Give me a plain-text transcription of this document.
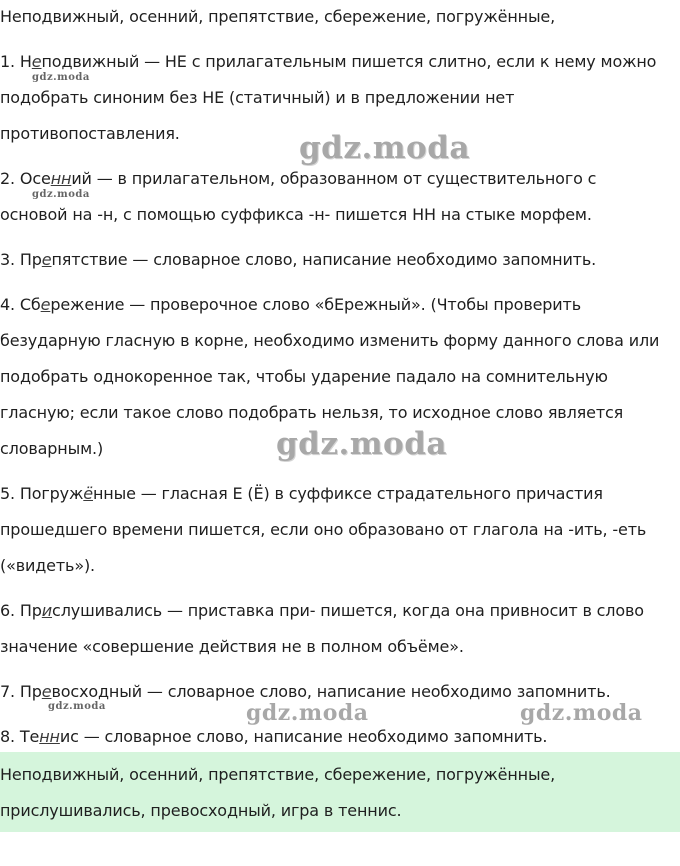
Неподвижный, осенний, препятствие, сбережение, погружённые,
1. Неподвижный — НЕ с прилагательным пишется слитно, если к нему можно
подобрать синоним без НЕ (статичный) и в предложении нет
противопоставления.
2. Осенний — в прилагательном, образованном от существительного с
основой на -н, с помощью суффикса -н- пишется НН на стыке морфем.
3. Препятствие — словарное слово, написание необходимо запомнить.
4. Сбережение — проверочное слово «бЕрежный». (Чтобы проверить
безударную гласную в корне, необходимо изменить форму данного слова или
подобрать однокоренное так, чтобы ударение падало на сомнительную
гласную; если такое слово подобрать нельзя, то исходное слово является
словарным.)
5. Погружённые — гласная Е (Ё) в суффиксе страдательного причастия
прошедшего времени пишется, если оно образовано от глагола на -ить, -еть
(«видеть»).
6. Прислушивались — приставка при- пишется, когда она привносит в слово
значение «совершение действия не в полном объёме».
7. Превосходный — словарное слово, написание необходимо запомнить.
8. Теннис — словарное слово, написание необходимо запомнить.
Неподвижный, осенний, препятствие, сбережение, погружённые,
прислушивались, превосходный, игра в теннис.
gdz.moda
gdz.moda
gdz.moda
gdz.moda
gdz.moda
gdz.moda	gdz.moda
